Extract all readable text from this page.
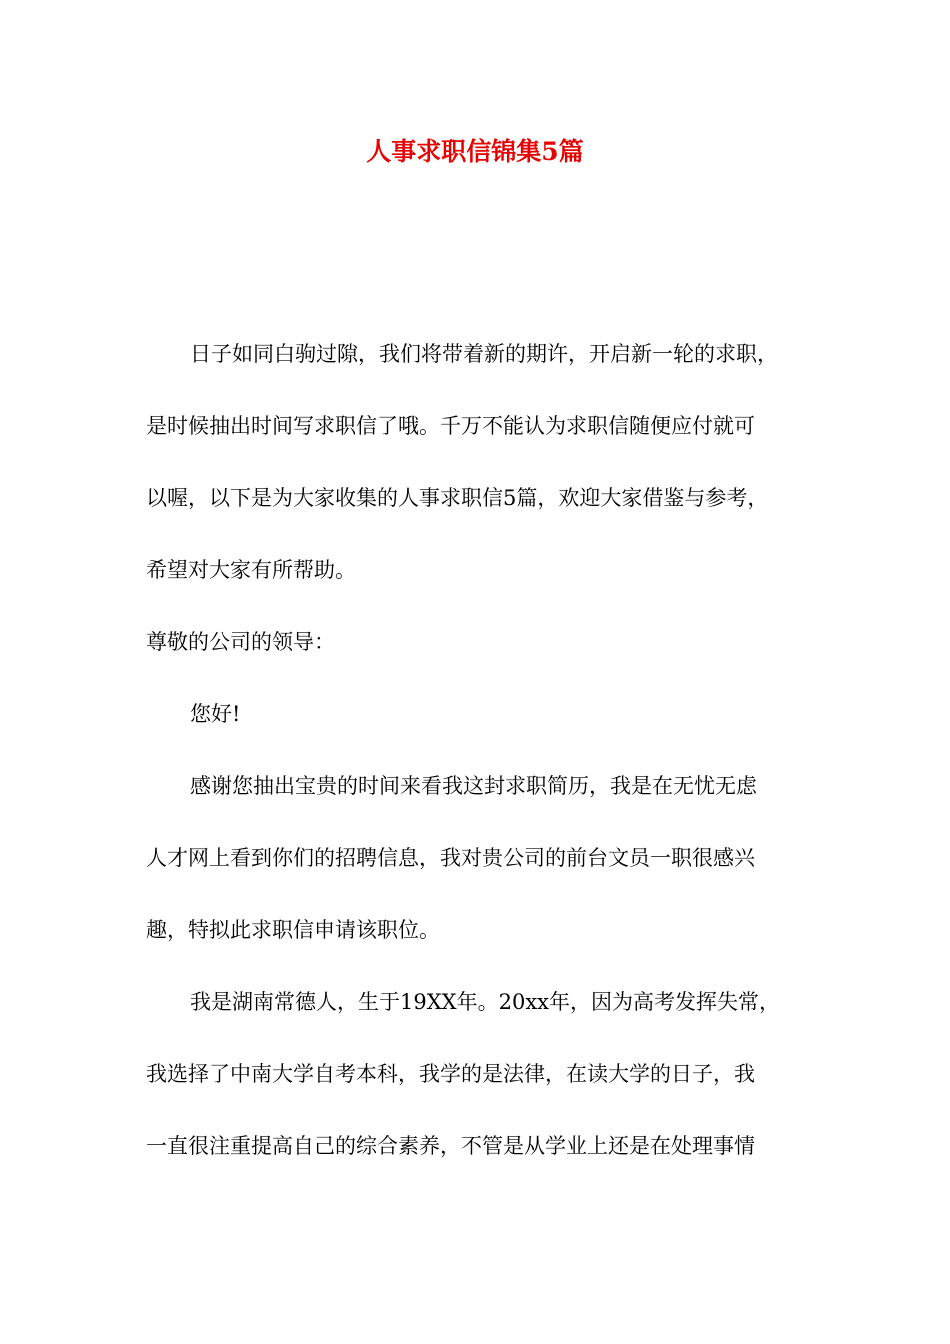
人事求职信锦集5篇

日子如同白驹过隙，我们将带着新的期许，开启新一轮的求职，
是时候抽出时间写求职信了哦。千万不能认为求职信随便应付就可
以喔，以下是为大家收集的人事求职信5篇，欢迎大家借鉴与参考，
希望对大家有所帮助。

尊敬的公司的领导：

您好!

感谢您抽出宝贵的时间来看我这封求职简历，我是在无忧无虑
人才网上看到你们的招聘信息，我对贵公司的前台文员一职很感兴
趣，特拟此求职信申请该职位。

我是湖南常德人，生于19XX年。20xx年，因为高考发挥失常，
我选择了中南大学自考本科，我学的是法律，在读大学的日子，我
一直很注重提高自己的综合素养，不管是从学业上还是在处理事情
